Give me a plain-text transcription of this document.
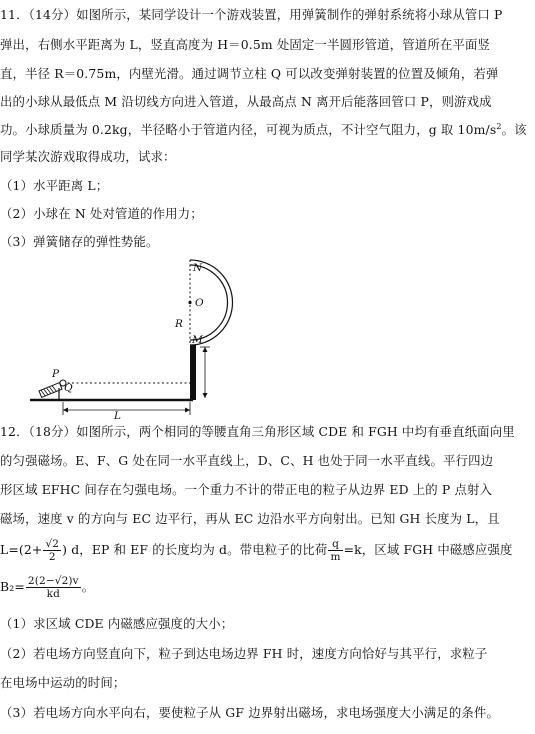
11．（14分）如图所示，某同学设计一个游戏装置，用弹簧制作的弹射系统将小球从管口 P
弹出，右侧水平距离为 L，竖直高度为 H＝0.5m 处固定一半圆形管道，管道所在平面竖
直，半径 R＝0.75m，内壁光滑。通过调节立柱 Q 可以改变弹射装置的位置及倾角，若弹
出的小球从最低点 M 沿切线方向进入管道，从最高点 N 离开后能落回管口 P，则游戏成
功。小球质量为 0.2kg，半径略小于管道内径，可视为质点，不计空气阻力，g 取 $10m/s^2$。该
同学某次游戏取得成功，试求：
（1）水平距离 L；
（2）小球在 N 处对管道的作用力；
（3）弹簧储存的弹性势能。
O
N
R
M
P
Q
L
12．（18分）如图所示，两个相同的等腰直角三角形区域 CDE 和 FGH 中均有垂直纸面向里
的匀强磁场。E、F、G 处在同一水平直线上，D、C、H 也处于同一水平直线。平行四边
形区域 EFHC 间存在匀强电场。一个重力不计的带正电的粒子从边界 ED 上的 P 点射入
磁场，速度 v 的方向与 EC 边平行，再从 EC 边沿水平方向射出。已知 GH 长度为 L，且
$L=(2+ \frac{√2}{2}$ ) d，EP 和 EF 的长度均为 d。带电粒子的比荷 $\frac{q}{m} =k$，区域 FGH 中磁感应强度
$B_2= \frac{2(2-√2)v}{kd}$ 。
（1）求区域 CDE 内磁感应强度的大小；
（2）若电场方向竖直向下，粒子到达电场边界 FH 时，速度方向恰好与其平行，求粒子
在电场中运动的时间；
（3）若电场方向水平向右，要使粒子从 GF 边界射出磁场，求电场强度大小满足的条件。
